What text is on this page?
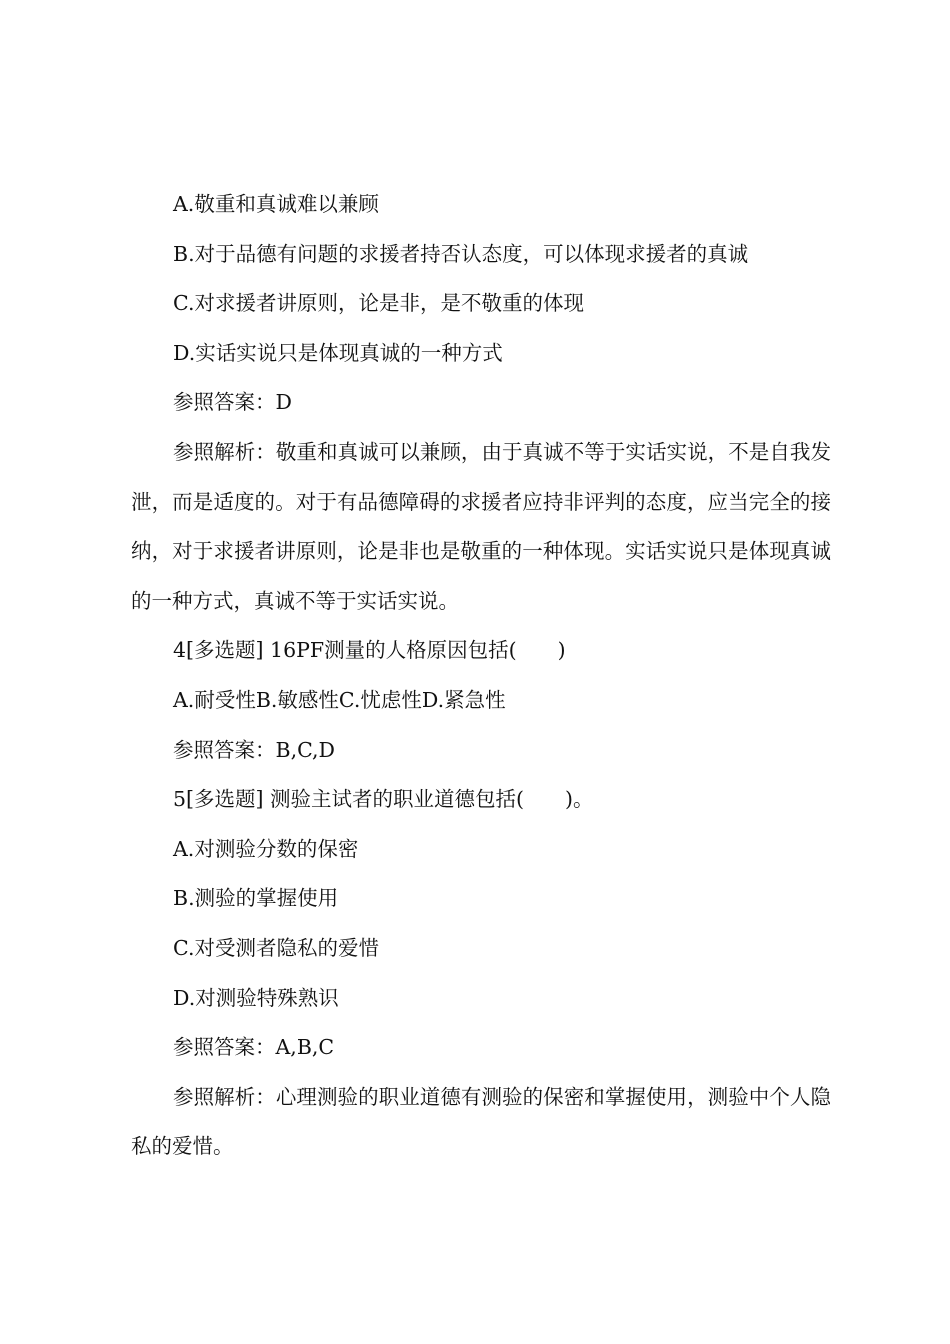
A.敬重和真诚难以兼顾

B.对于品德有问题的求援者持否认态度，可以体现求援者的真诚

C.对求援者讲原则，论是非，是不敬重的体现

D.实话实说只是体现真诚的一种方式

参照答案：D

参照解析：敬重和真诚可以兼顾，由于真诚不等于实话实说，不是自我发泄，而是适度的。对于有品德障碍的求援者应持非评判的态度，应当完全的接纳，对于求援者讲原则，论是非也是敬重的一种体现。实话实说只是体现真诚的一种方式，真诚不等于实话实说。

4[多选题] 16PF测量的人格原因包括(　　)

A.耐受性B.敏感性C.忧虑性D.紧急性

参照答案：B,C,D

5[多选题] 测验主试者的职业道德包括(　　)。

A.对测验分数的保密

B.测验的掌握使用

C.对受测者隐私的爱惜

D.对测验特殊熟识

参照答案：A,B,C

参照解析：心理测验的职业道德有测验的保密和掌握使用，测验中个人隐私的爱惜。
